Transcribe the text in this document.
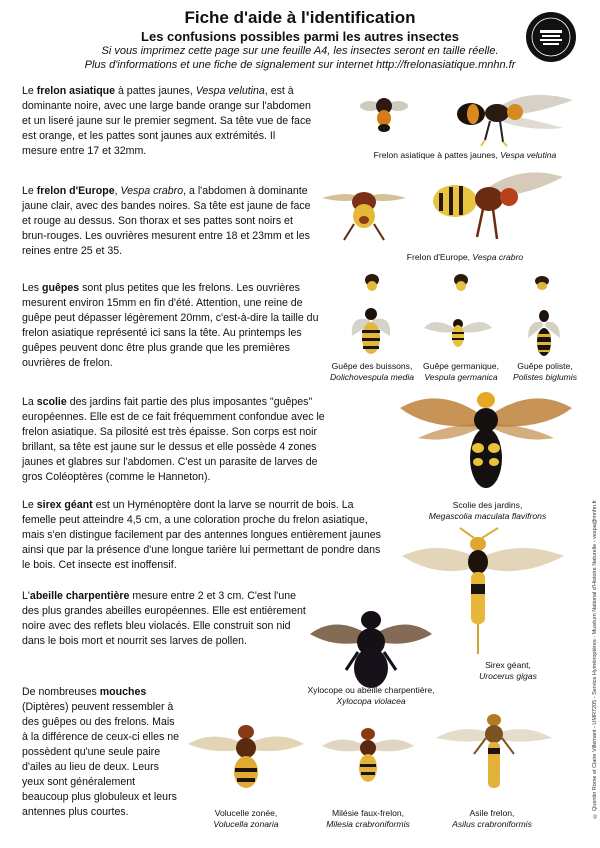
Fiche d'aide à l'identification
Les confusions possibles parmi les autres insectes
Si vous imprimez cette page sur une feuille A4, les insectes seront en taille réelle.
Plus d'informations et une fiche de signalement sur internet http://frelonasiatique.mnhn.fr
Le frelon asiatique à pattes jaunes, Vespa velutina, est à dominante noire, avec une large bande orange sur l'abdomen et un liseré jaune sur le premier segment. Sa tête vue de face est orange, et les pattes sont jaunes aux extrémités. Il mesure entre 17 et 32mm.	Frelon asiatique à pattes jaunes, Vespa velutina
Le frelon d'Europe, Vespa crabro, a l'abdomen à dominante jaune clair, avec des bandes noires. Sa tête est jaune de face et rouge au dessus. Son thorax et ses pattes sont noirs et brun-rouges. Les ouvrières mesurent entre 18 et 23mm et les reines entre 25 et 35.	Frelon d'Europe, Vespa crabro
Les guêpes sont plus petites que les frelons. Les ouvrières mesurent environ 15mm en fin d'été. Attention, une reine de guêpe peut dépasser légèrement 20mm, c'est-à-dire la taille du frelon asiatique représenté ici sans la tête. Au printemps les guêpes peuvent donc être plus grande que les premières ouvrières de frelon.	Guêpe des buissons,
Dolichovespula media
Guêpe germanique,
Vespula germanica
Guêpe poliste,
Polistes biglumis
La scolie des jardins fait partie des plus imposantes "guêpes" européennes. Elle est de ce fait fréquemment confondue avec le frelon asiatique. Sa pilosité est très épaisse. Son corps est noir brillant, sa tête est jaune sur le dessus et elle possède 4 zones jaunes et glabres sur l'abdomen. C'est un parasite de larves de gros Coléoptères (comme le Hanneton).
Scolie des jardins,
Megascolia maculata flavifrons
Le sirex géant est un Hyménoptère dont la larve se nourrit de bois. La femelle peut atteindre 4,5 cm, a une coloration proche du frelon asiatique, mais s'en distingue facilement par des antennes longues entièrement jaunes ainsi que par la présence d'une longue tarière lui permettant de pondre dans le bois. Cet insecte est inoffensif.
Sirex géant,
Urocerus gigas
L'abeille charpentière mesure entre 2 et 3 cm. C'est l'une des plus grandes abeilles européennes. Elle est entièrement noire avec des reflets bleu violacés. Elle construit son nid dans le bois mort et nourrit ses larves de pollen.
Xylocope ou abeille charpentière,
Xylocopa violacea
De nombreuses mouches (Diptères) peuvent ressembler à des guêpes ou des frelons. Mais à la différence de ceux-ci elles ne possèdent qu'une seule paire d'ailes au lieu de deux. Leurs yeux sont généralement beaucoup plus globuleux et leurs antennes plus courtes.	Volucelle zonée,
Volucella zonaria
Milésie faux-frelon,
Milesia crabroniformis
Asile frelon,
Asilus crabroniformis
© Quentin Rome et Claire Villemant - UMR7205 - Service Hyménoptères - Muséum National d'Histoire Naturelle - vespa@mnhn.fr
